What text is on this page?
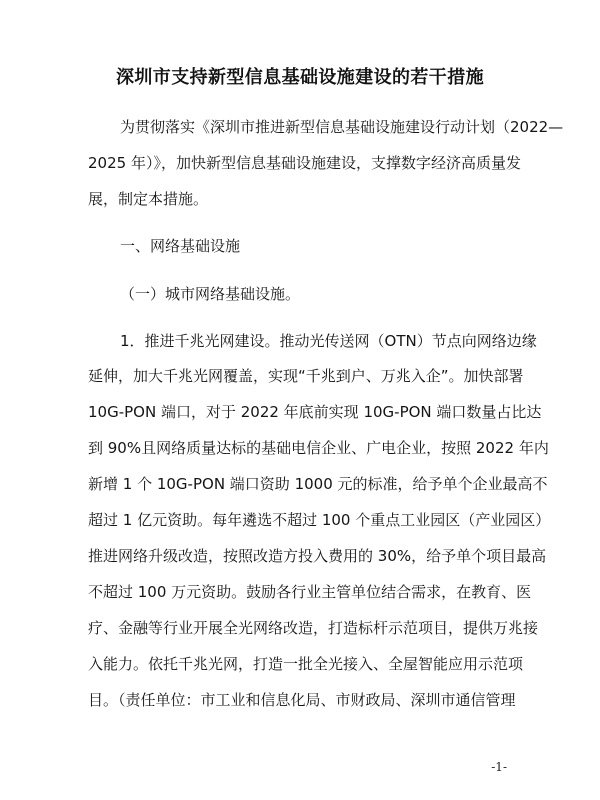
深圳市支持新型信息基础设施建设的若干措施
为贯彻落实《深圳市推进新型信息基础设施建设行动计划（2022—
2025 年）》，加快新型信息基础设施建设，支撑数字经济高质量发
展，制定本措施。
一、网络基础设施
（一）城市网络基础设施。
1．推进千兆光网建设。推动光传送网（OTN）节点向网络边缘
延伸，加大千兆光网覆盖，实现“千兆到户、万兆入企”。加快部署
10G-PON 端口，对于 2022 年底前实现 10G-PON 端口数量占比达
到 90%且网络质量达标的基础电信企业、广电企业，按照 2022 年内
新增 1 个 10G-PON 端口资助 1000 元的标准，给予单个企业最高不
超过 1 亿元资助。每年遴选不超过 100 个重点工业园区（产业园区）
推进网络升级改造，按照改造方投入费用的 30%，给予单个项目最高
不超过 100 万元资助。鼓励各行业主管单位结合需求，在教育、医
疗、金融等行业开展全光网络改造，打造标杆示范项目，提供万兆接
入能力。依托千兆光网，打造一批全光接入、全屋智能应用示范项
目。（责任单位：市工业和信息化局、市财政局、深圳市通信管理
-1-
